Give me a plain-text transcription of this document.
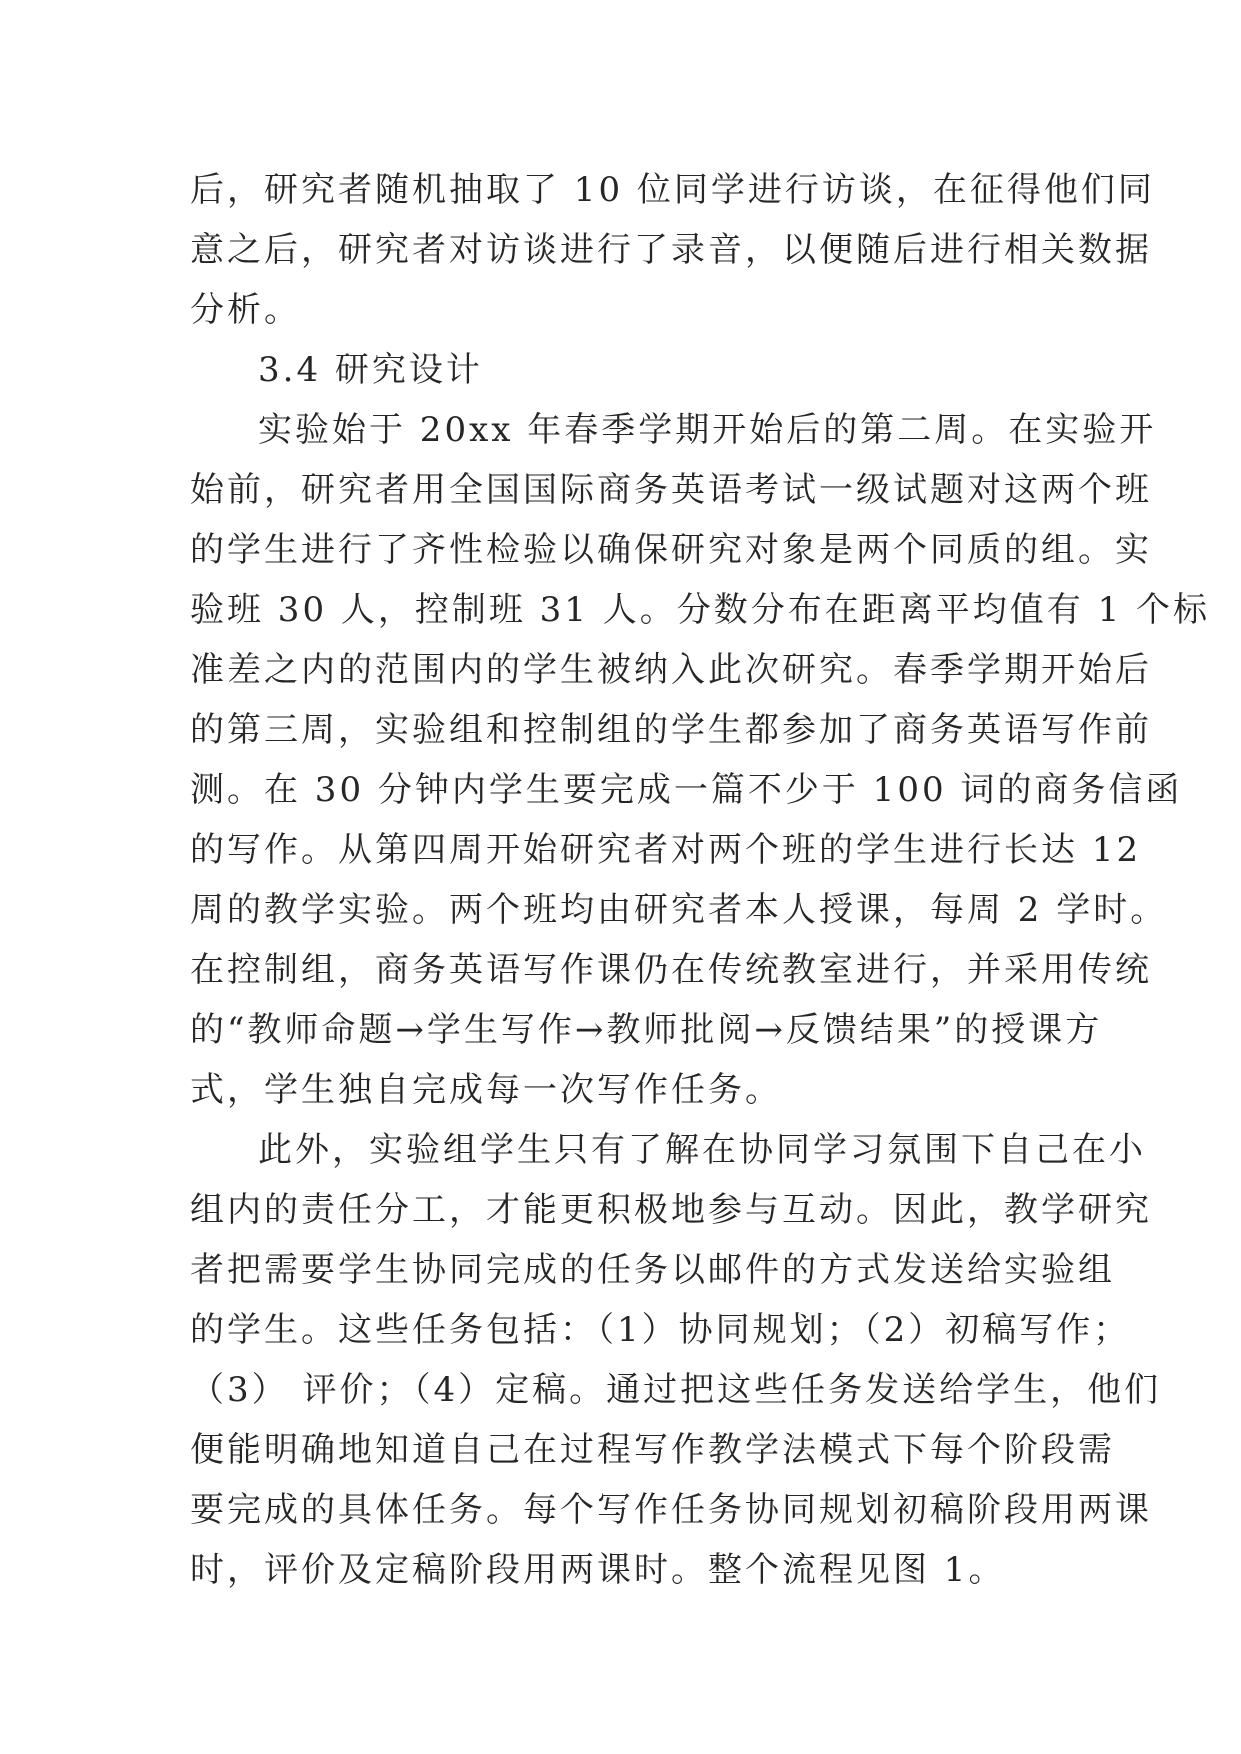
后，研究者随机抽取了 10 位同学进行访谈，在征得他们同
意之后，研究者对访谈进行了录音，以便随后进行相关数据
分析。
3.4 研究设计
实验始于 20xx 年春季学期开始后的第二周。在实验开
始前，研究者用全国国际商务英语考试一级试题对这两个班
的学生进行了齐性检验以确保研究对象是两个同质的组。实
验班 30 人，控制班 31 人。分数分布在距离平均值有 1 个标
准差之内的范围内的学生被纳入此次研究。春季学期开始后
的第三周，实验组和控制组的学生都参加了商务英语写作前
测。在 30 分钟内学生要完成一篇不少于 100 词的商务信函
的写作。从第四周开始研究者对两个班的学生进行长达 12
周的教学实验。两个班均由研究者本人授课，每周 2 学时。
在控制组，商务英语写作课仍在传统教室进行，并采用传统
的“教师命题→学生写作→教师批阅→反馈结果”的授课方
式，学生独自完成每一次写作任务。
此外，实验组学生只有了解在协同学习氛围下自己在小
组内的责任分工，才能更积极地参与互动。因此，教学研究
者把需要学生协同完成的任务以邮件的方式发送给实验组
的学生。这些任务包括：（1）协同规划；（2）初稿写作；
（3） 评价；（4）定稿。通过把这些任务发送给学生，他们
便能明确地知道自己在过程写作教学法模式下每个阶段需
要完成的具体任务。每个写作任务协同规划初稿阶段用两课
时，评价及定稿阶段用两课时。整个流程见图 1。
